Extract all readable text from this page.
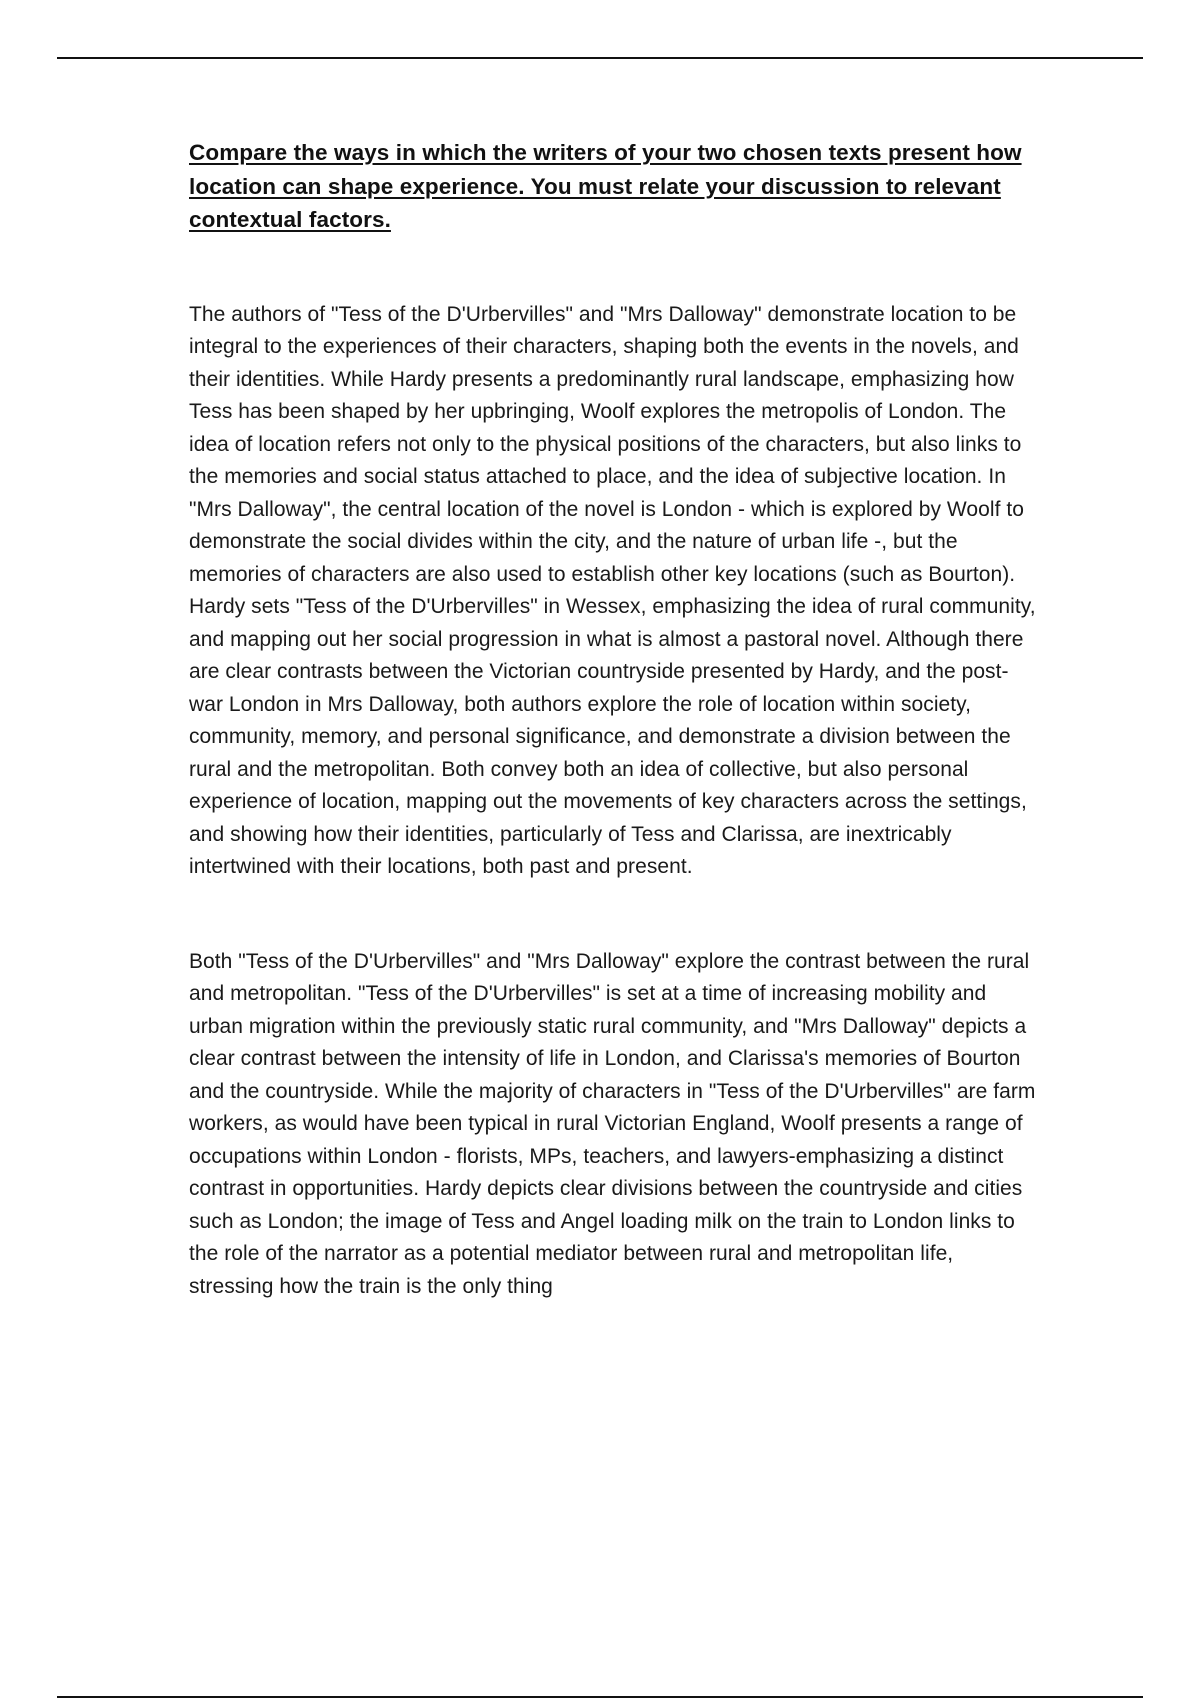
Compare the ways in which the writers of your two chosen texts present how location can shape experience. You must relate your discussion to relevant contextual factors.

The authors of "Tess of the D'Urbervilles" and "Mrs Dalloway" demonstrate location to be integral to the experiences of their characters, shaping both the events in the novels, and their identities. While Hardy presents a predominantly rural landscape, emphasizing how Tess has been shaped by her upbringing, Woolf explores the metropolis of London. The idea of location refers not only to the physical positions of the characters, but also links to the memories and social status attached to place, and the idea of subjective location. In "Mrs Dalloway", the central location of the novel is London - which is explored by Woolf to demonstrate the social divides within the city, and the nature of urban life -, but the memories of characters are also used to establish other key locations (such as Bourton). Hardy sets "Tess of the D'Urbervilles" in Wessex, emphasizing the idea of rural community, and mapping out her social progression in what is almost a pastoral novel. Although there are clear contrasts between the Victorian countryside presented by Hardy, and the post-war London in Mrs Dalloway, both authors explore the role of location within society, community, memory, and personal significance, and demonstrate a division between the rural and the metropolitan. Both convey both an idea of collective, but also personal experience of location, mapping out the movements of key characters across the settings, and showing how their identities, particularly of Tess and Clarissa, are inextricably intertwined with their locations, both past and present.

Both "Tess of the D'Urbervilles" and "Mrs Dalloway" explore the contrast between the rural and metropolitan. "Tess of the D'Urbervilles" is set at a time of increasing mobility and urban migration within the previously static rural community, and "Mrs Dalloway" depicts a clear contrast between the intensity of life in London, and Clarissa's memories of Bourton and the countryside. While the majority of characters in "Tess of the D'Urbervilles" are farm workers, as would have been typical in rural Victorian England, Woolf presents a range of occupations within London - florists, MPs, teachers, and lawyers-emphasizing a distinct contrast in opportunities. Hardy depicts clear divisions between the countryside and cities such as London; the image of Tess and Angel loading milk on the train to London links to the role of the narrator as a potential mediator between rural and metropolitan life, stressing how the train is the only thing
